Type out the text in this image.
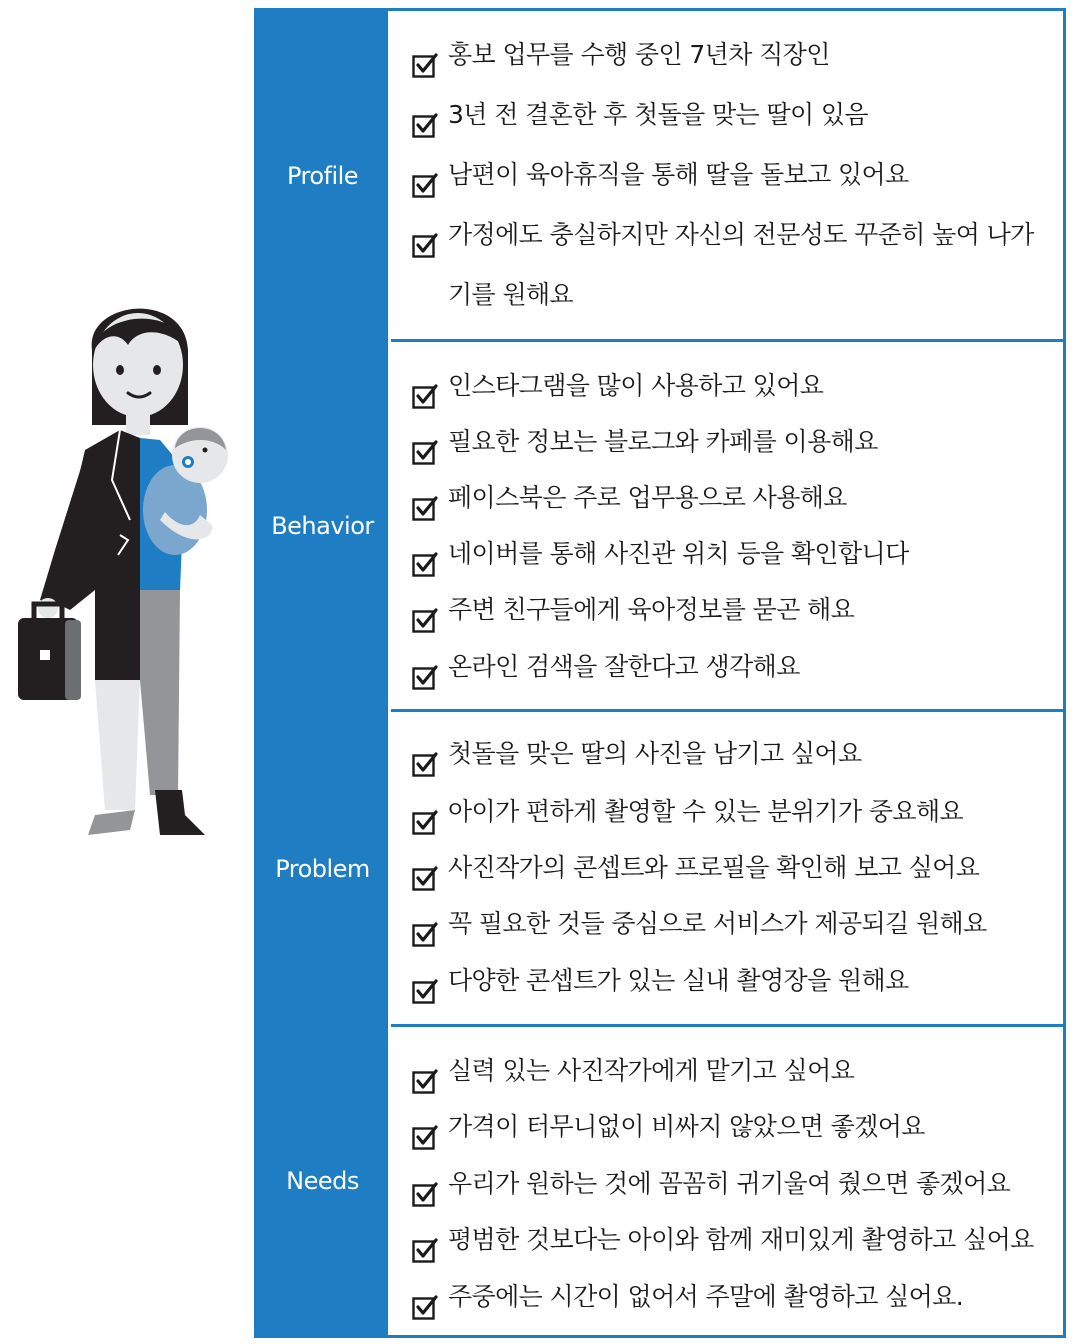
Profile
홍보 업무를 수행 중인 7년차 직장인
3년 전 결혼한 후 첫돌을 맞는 딸이 있음
남편이 육아휴직을 통해 딸을 돌보고 있어요
가정에도 충실하지만 자신의 전문성도 꾸준히 높여 나가기를 원해요
Behavior
인스타그램을 많이 사용하고 있어요
필요한 정보는 블로그와 카페를 이용해요
페이스북은 주로 업무용으로 사용해요
네이버를 통해 사진관 위치 등을 확인합니다
주변 친구들에게 육아정보를 묻곤 해요
온라인 검색을 잘한다고 생각해요
Problem
첫돌을 맞은 딸의 사진을 남기고 싶어요
아이가 편하게 촬영할 수 있는 분위기가 중요해요
사진작가의 콘셉트와 프로필을 확인해 보고 싶어요
꼭 필요한 것들 중심으로 서비스가 제공되길 원해요
다양한 콘셉트가 있는 실내 촬영장을 원해요
Needs
실력 있는 사진작가에게 맡기고 싶어요
가격이 터무니없이 비싸지 않았으면 좋겠어요
우리가 원하는 것에 꼼꼼히 귀기울여 줬으면 좋겠어요
평범한 것보다는 아이와 함께 재미있게 촬영하고 싶어요
주중에는 시간이 없어서 주말에 촬영하고 싶어요.
